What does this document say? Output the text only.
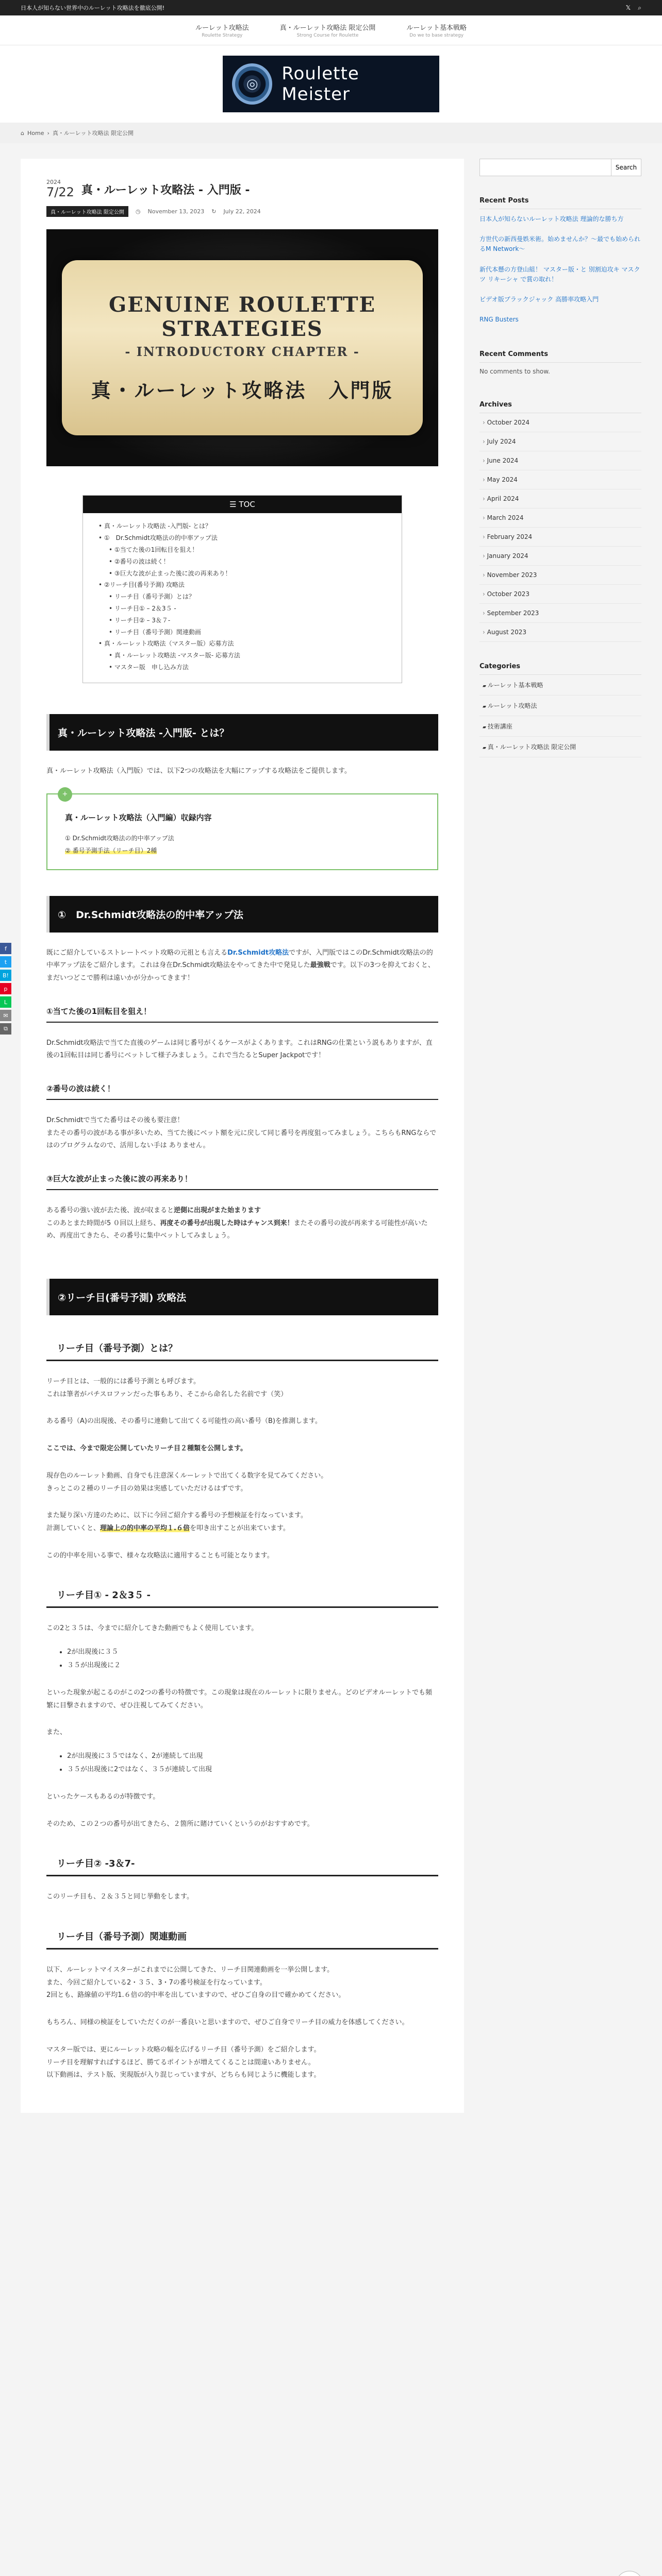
日本人が知らない世界中のルーレット攻略法を徹底公開!	𝕏 ⌕
ルーレット攻略法
Roulette Strategy
真・ルーレット攻略法 限定公開
Strong Course for Roulette
ルーレット基本戦略
Do we to base strategy
◎	Roulette Meister
⌂ Home › 真・ルーレット攻略法 限定公開
2024
7/22 真・ルーレット攻略法 - 入門版 -
真・ルーレット攻略法 限定公開	◷ November 13, 2023 ↻ July 22, 2024
GENUINE ROULETTE
STRATEGIES
- INTRODUCTORY CHAPTER -
真・ルーレット攻略法　入門版
☰ TOC
• 真・ルーレット攻略法 -入門版- とは？
• ①　Dr.Schmidt攻略法の的中率アップ法
• ①当てた後の1回転目を狙え！
• ②番号の波は続く！
• ③巨大な波が止まった後に波の再来あり！
• ②リーチ目(番号予測) 攻略法
• リーチ目（番号予測）とは？
• リーチ目① – 2＆3５ -
• リーチ目② – 3＆７-
• リーチ目（番号予測）関連動画
• 真・ルーレット攻略法（マスター版）応募方法
• 真・ルーレット攻略法 -マスター版- 応募方法
• マスター版　申し込み方法
真・ルーレット攻略法 -入門版- とは？

真・ルーレット攻略法（入門版）では、以下2つの攻略法を大幅にアップする攻略法をご提供します。

+
真・ルーレット攻略法（入門編）収録内容
① Dr.Schmidt攻略法の的中率アップ法
② 番号予測手法（リーチ目）2種
①　Dr.Schmidt攻略法の的中率アップ法

既にご紹介しているストレートベット攻略の元祖とも言えるDr.Schmidt攻略法ですが、入門版ではこのDr.Schmidt攻略法の的中率アップ法をご紹介します。これは身在Dr.Schmidt攻略法をやってきた中で発見した最強戦です。以下の3つを抑えておくと、まだいつどこで勝利は遠いかが分かってきます！

①当てた後の1回転目を狙え！

Dr.Schmidt攻略法で当てた直後のゲームは同じ番号がくるケースがよくあります。これはRNGの仕業という説もありますが、直後の1回転目は同じ番号にベットして様子みましょう。これで当たるとSuper Jackpotです！

②番号の波は続く！

Dr.Schmidtで当てた番号はその後も要注意！
またその番号の波がある事が多いため、当てた後にベット額を元に戻して同じ番号を再度狙ってみましょう。こちらもRNGならではのプログラムなので、活用しない手は ありません。

③巨大な波が止まった後に波の再来あり！

ある番号の強い波が去た後、波が収まると逆側に出現がまた始まります
このあとまた時間が5 ０回以上経ち、再度その番号が出現した時はチャンス到来！またその番号の波が再来する可能性が高いため、再度出てきたら、その番号に集中ベットしてみましょう。

②リーチ目(番号予測) 攻略法
リーチ目（番号予測）とは？

リーチ目とは、一般的には番号予測とも呼びます。
これは筆者がパチスロファンだった事もあり、そこから命名した名前です（笑）

ある番号（A)の出現後、その番号に連動して出てくる可能性の高い番号（B)を推測します。

ここでは、今まで限定公開していたリーチ目２種類を公開します。

現存色のルーレット動画、自身でも注意深くルーレットで出てくる数字を見てみてください。
きっとこの２種のリーチ目の効果は実感していただけるはずです。

また疑り深い方達のために、以下に今回ご紹介する番号の予想検証を行なっています。
計測していくと、理論上の的中率の平均１.６倍を叩き出すことが出来ています。

この的中率を用いる事で、様々な攻略法に適用することも可能となります。

リーチ目① - 2＆3５ -

この2と３５は、今までに紹介してきた動画でもよく使用しています。

• 2が出現後に３５
• ３５が出現後に２

といった現象が起こるのがこの2つの番号の特徴です。この現象は現在のルーレットに限りません。どのビデオルーレットでも頻繁に目撃されますので、ぜひ注視してみてください。

また、

• 2が出現後に３５ではなく、2が連続して出現
• ３５が出現後に2ではなく、３５が連続して出現

といったケースもあるのが特徴です。

そのため、この２つの番号が出てきたら、２箇所に賭けていくというのがおすすめです。

リーチ目② -3＆7-

このリーチ目も、２＆３５と同じ挙動をします。

リーチ目（番号予測）関連動画

以下、ルーレットマイスターがこれまでに公開してきた、リーチ目関連動画を一挙公開します。
また、今回ご紹介している2・３５、3・7の番号検証を行なっています。
2回とも、路線値の平均1.６倍の的中率を出していますので、ぜひご自身の目で確かめてください。

もちろん、同様の検証をしていただくのが一番良いと思いますので、ぜひご自身でリーチ目の威力を体感してください。

マスター版では、更にルーレット攻略の幅を広げるリーチ目（番号予測）をご紹介します。
リーチ目を理解すればするほど、勝てるポイントが増えてくることは間違いありません。
以下動画は、テスト版、実現版が入り混じっていますが、どちらも同じように機能します。

Search
Recent Posts
日本人が知らないルーレット攻略法 理論的な勝ち方
方世代の新西曼娯米術。始めませんか？〜最でも始められるM Network〜
新代本懸の方登山組！ マスター版・と 別割迫攻キ マスクツ リキーシャ で賞の取れ！
ビデオ版ブラックジャック 高勝率攻略入門
RNG Busters
Recent Comments
No comments to show.
Archives
› October 2024
› July 2024
› June 2024
› May 2024
› April 2024
› March 2024
› February 2024
› January 2024
› November 2023
› October 2023
› September 2023
› August 2023
Categories
▰ ルーレット基本戦略
▰ ルーレット攻略法
▰ 技術講座
▰ 真・ルーレット攻略法 限定公開
f
t
B!
p
L
✉
⧉
